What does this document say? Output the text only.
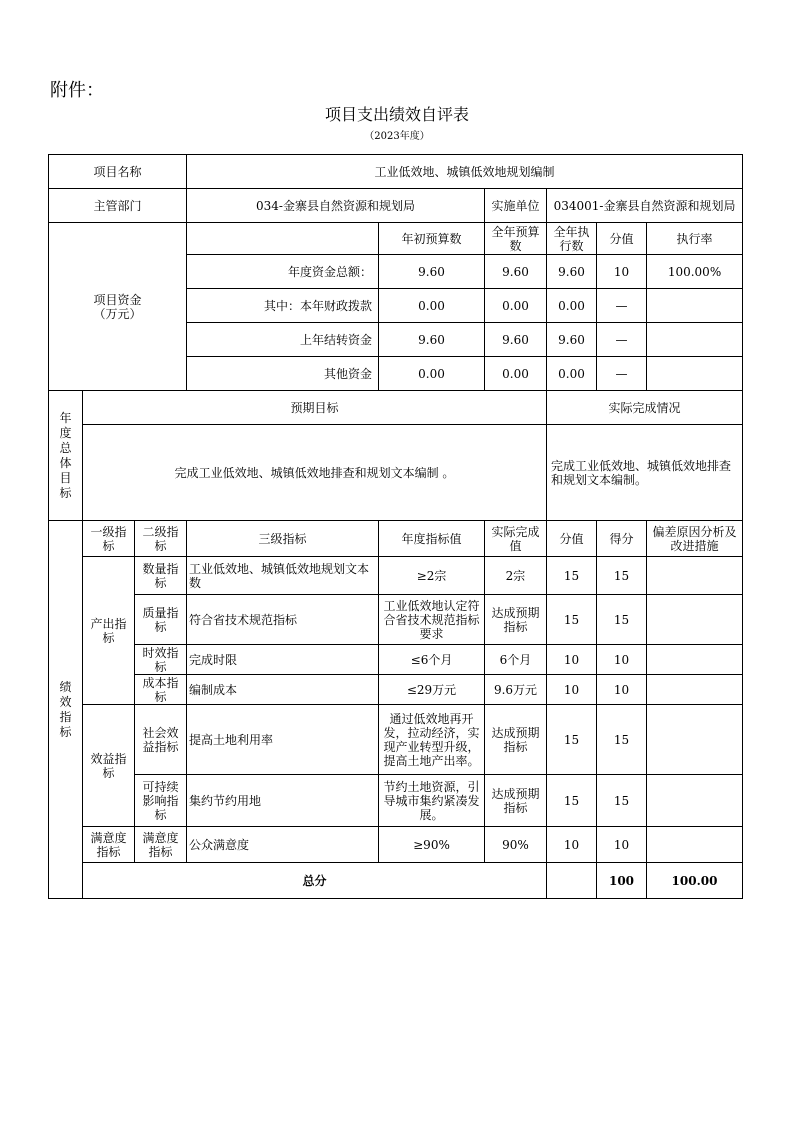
附件：
项目支出绩效自评表
（2023年度）
项目名称			工业低效地、城镇低效地规划编制						
主管部门			034-金寨县自然资源和规划局		实施单位	034001-金寨县自然资源和规划局			
项目资金
（万元）				年初预算数	全年预算数	全年执行数	分值	执行率	
			年度资金总额：	9.60	9.60	9.60	10	100.00%	
			其中：本年财政拨款	0.00	0.00	0.00	—		
			上年结转资金	9.60	9.60	9.60	—		
			其他资金	0.00	0.00	0.00	—		
年度总体目标	预期目标					实际完成情况			
	完成工业低效地、城镇低效地排查和规划文本编制 。					完成工业低效地、城镇低效地排查和规划文本编制。			
绩效指标	一级指标	二级指标	三级指标	年度指标值	实际完成值	分值	得分	偏差原因分析及改进措施	
	产出指标	数量指标	工业低效地、城镇低效地规划文本数	≥2宗	2宗	15	15		
		质量指标	符合省技术规范指标	工业低效地认定符合省技术规范指标要求	达成预期指标	15	15		
		时效指标	完成时限	≤6个月	6个月	10	10		
		成本指标	编制成本	≤29万元	9.6万元	10	10		
	效益指标	社会效益指标	提高土地利用率	通过低效地再开发，拉动经济，实现产业转型升级，提高土地产出率。	达成预期指标	15	15		
		可持续影响指标	集约节约用地	节约土地资源，引导城市集约紧凑发展。	达成预期指标	15	15		
	满意度指标	满意度指标	公众满意度	≥90%	90%	10	10		
	总分						100	100.00	
